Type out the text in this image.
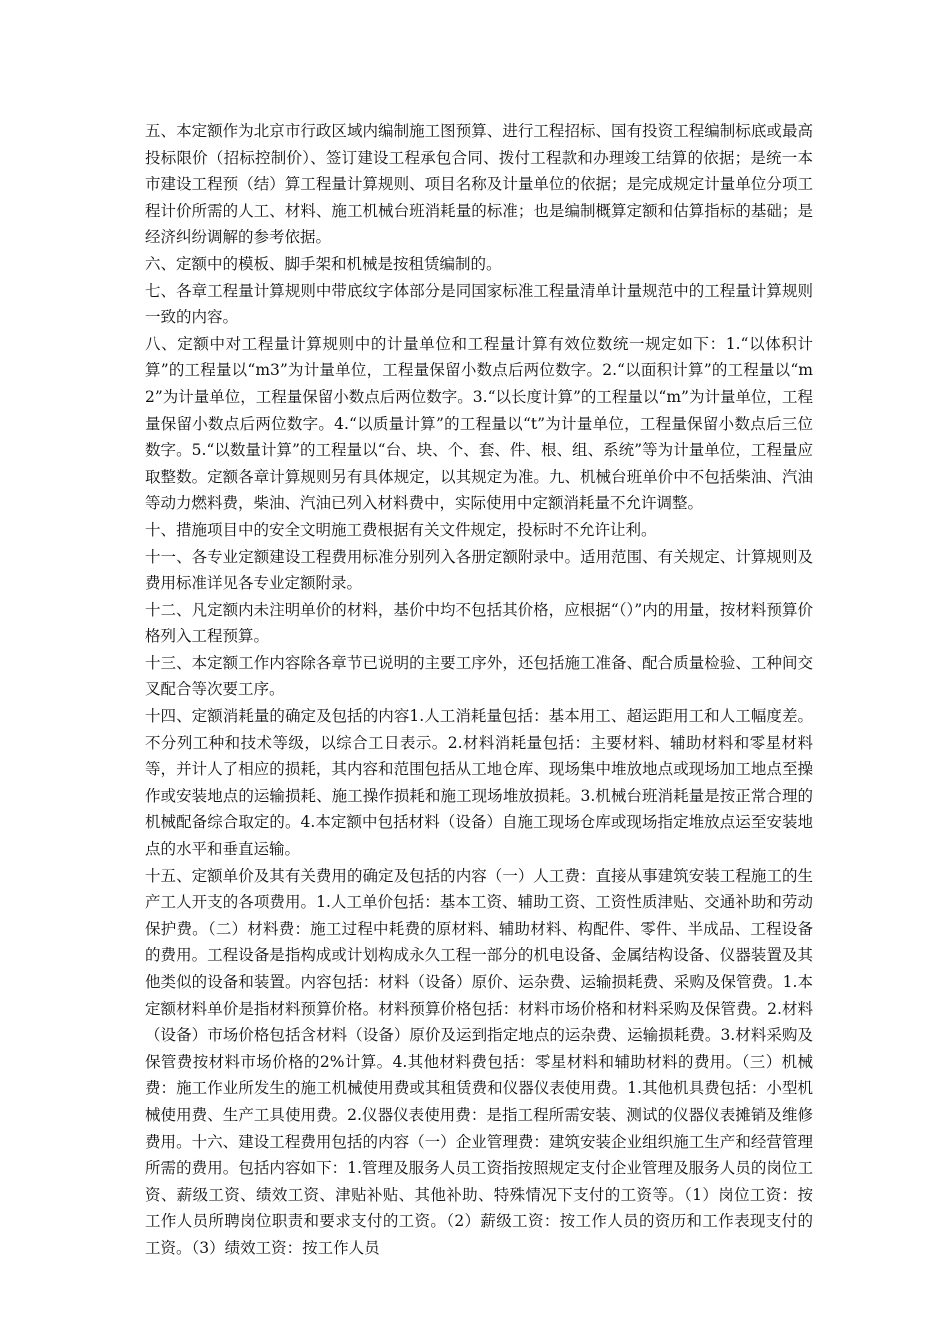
五、本定额作为北京市行政区域内编制施工图预算、进行工程招标、国有投资工程编制标底或最高投标限价（招标控制价）、签订建设工程承包合同、拨付工程款和办理竣工结算的依据；是统一本市建设工程预（结）算工程量计算规则、项目名称及计量单位的依据；是完成规定计量单位分项工程计价所需的人工、材料、施工机械台班消耗量的标准；也是编制概算定额和估算指标的基础；是经济纠纷调解的参考依据。

六、定额中的模板、脚手架和机械是按租赁编制的。

七、各章工程量计算规则中带底纹字体部分是同国家标准工程量清单计量规范中的工程量计算规则一致的内容。

八、定额中对工程量计算规则中的计量单位和工程量计算有效位数统一规定如下：1.“以体积计算”的工程量以“m3”为计量单位，工程量保留小数点后两位数字。2.“以面积计算”的工程量以“m2”为计量单位，工程量保留小数点后两位数字。3.“以长度计算”的工程量以“m”为计量单位，工程量保留小数点后两位数字。4.“以质量计算”的工程量以“t”为计量单位，工程量保留小数点后三位数字。5.“以数量计算”的工程量以“台、块、个、套、件、根、组、系统”等为计量单位，工程量应取整数。定额各章计算规则另有具体规定，以其规定为准。九、机械台班单价中不包括柴油、汽油等动力燃料费，柴油、汽油已列入材料费中，实际使用中定额消耗量不允许调整。

十、措施项目中的安全文明施工费根据有关文件规定，投标时不允许让利。

十一、各专业定额建设工程费用标准分别列入各册定额附录中。适用范围、有关规定、计算规则及费用标准详见各专业定额附录。

十二、凡定额内未注明单价的材料，基价中均不包括其价格，应根据“（）”内的用量，按材料预算价格列入工程预算。

十三、本定额工作内容除各章节已说明的主要工序外，还包括施工准备、配合质量检验、工种间交叉配合等次要工序。

十四、定额消耗量的确定及包括的内容1.人工消耗量包括：基本用工、超运距用工和人工幅度差。不分列工种和技术等级，以综合工日表示。2.材料消耗量包括：主要材料、辅助材料和零星材料等，并计人了相应的损耗，其内容和范围包括从工地仓库、现场集中堆放地点或现场加工地点至操作或安装地点的运输损耗、施工操作损耗和施工现场堆放损耗。3.机械台班消耗量是按正常合理的机械配备综合取定的。4.本定额中包括材料（设备）自施工现场仓库或现场指定堆放点运至安装地点的水平和垂直运输。

十五、定额单价及其有关费用的确定及包括的内容（一）人工费：直接从事建筑安装工程施工的生产工人开支的各项费用。1.人工单价包括：基本工资、辅助工资、工资性质津贴、交通补助和劳动保护费。（二）材料费：施工过程中耗费的原材料、辅助材料、构配件、零件、半成品、工程设备的费用。工程设备是指构成或计划构成永久工程一部分的机电设备、金属结构设备、仪器装置及其他类似的设备和装置。内容包括：材料（设备）原价、运杂费、运输损耗费、采购及保管费。1.本定额材料单价是指材料预算价格。材料预算价格包括：材料市场价格和材料采购及保管费。2.材料（设备）市场价格包括含材料（设备）原价及运到指定地点的运杂费、运输损耗费。3.材料采购及保管费按材料市场价格的2%计算。4.其他材料费包括：零星材料和辅助材料的费用。（三）机械费：施工作业所发生的施工机械使用费或其租赁费和仪器仪表使用费。1.其他机具费包括：小型机械使用费、生产工具使用费。2.仪器仪表使用费：是指工程所需安装、测试的仪器仪表摊销及维修费用。十六、建设工程费用包括的内容（一）企业管理费：建筑安装企业组织施工生产和经营管理所需的费用。包括内容如下：1.管理及服务人员工资指按照规定支付企业管理及服务人员的岗位工资、薪级工资、绩效工资、津贴补贴、其他补助、特殊情况下支付的工资等。（1）岗位工资：按工作人员所聘岗位职责和要求支付的工资。（2）薪级工资：按工作人员的资历和工作表现支付的工资。（3）绩效工资：按工作人员
